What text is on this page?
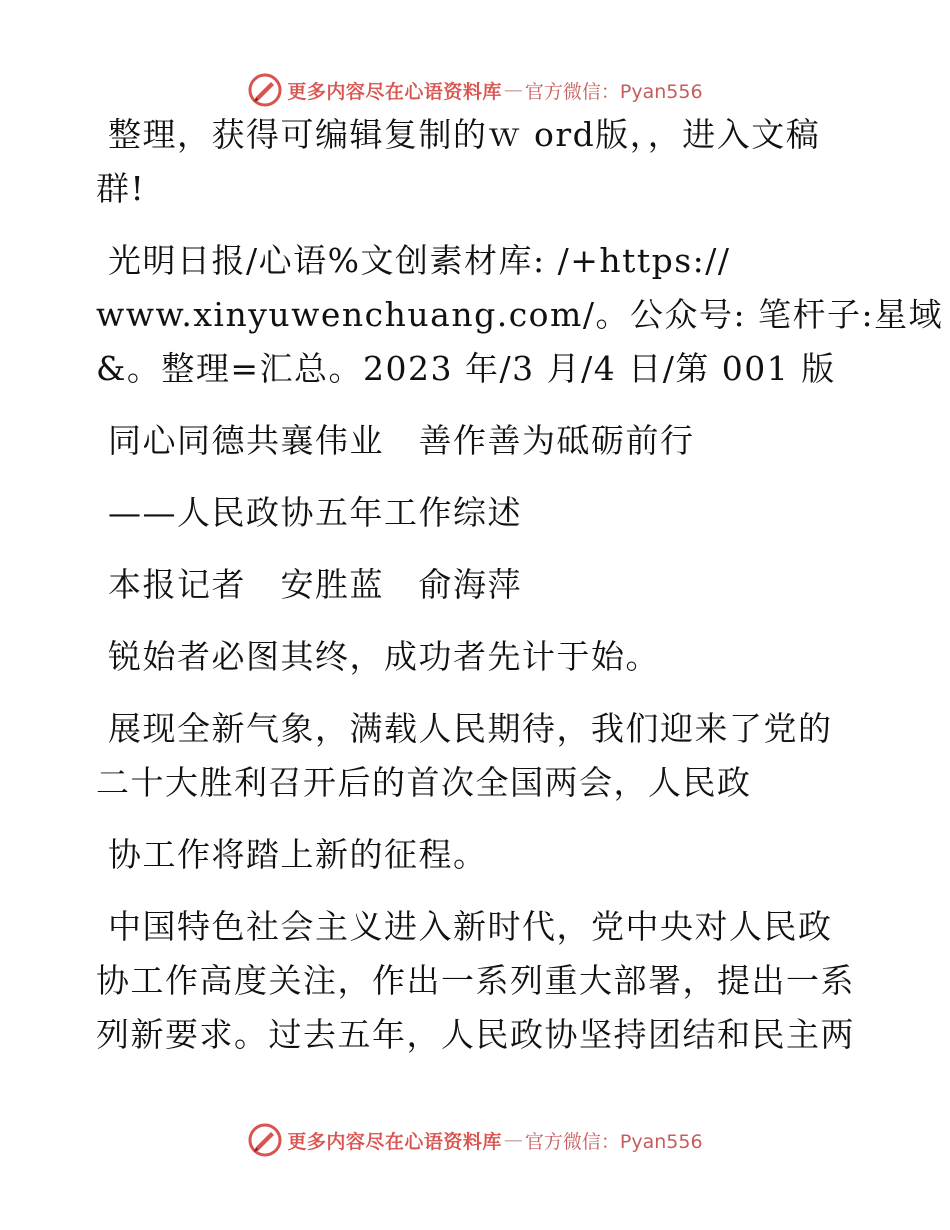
更多内容尽在心语资料库 — 官方微信：Pyan556
整理，获得可编辑复制的ｗ ord版，，进入文稿
群!
光明日报/心语%文创素材库: /+https://
www.xinyuwenchuang.com/。公众号: 笔杆子:星域
&。整理=汇总。2023 年/3 月/4 日/第 001 版
同心同德共襄伟业　善作善为砥砺前行
——人民政协五年工作综述
本报记者　安胜蓝　俞海萍
锐始者必图其终，成功者先计于始。
展现全新气象，满载人民期待，我们迎来了党的
二十大胜利召开后的首次全国两会，人民政
协工作将踏上新的征程。
中国特色社会主义进入新时代，党中央对人民政
协工作高度关注，作出一系列重大部署，提出一系
列新要求。过去五年，人民政协坚持团结和民主两
更多内容尽在心语资料库 — 官方微信：Pyan556
